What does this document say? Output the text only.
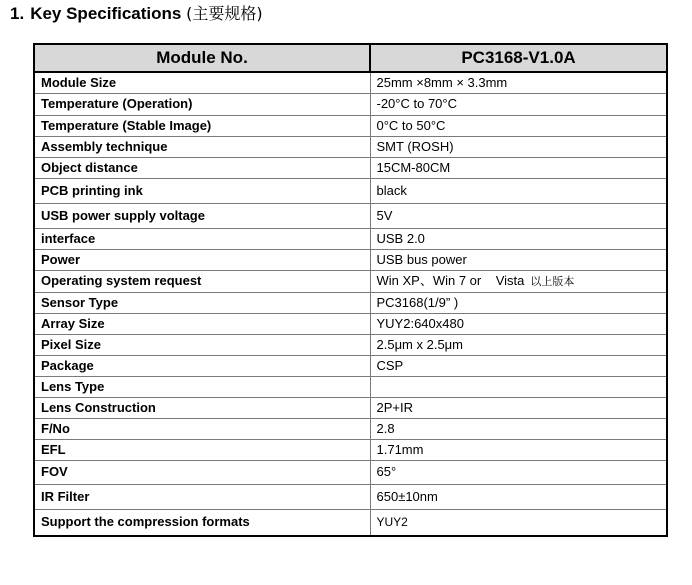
1. Key Specifications (主要规格)
Module No.	PC3168-V1.0A
Module Size	25mm ×8mm × 3.3mm
Temperature (Operation)	-20°C to 70°C
Temperature (Stable Image)	0°C to 50°C
Assembly technique	SMT (ROSH)
Object distance	15CM-80CM
PCB printing ink	black
USB power supply voltage	5V
interface	USB 2.0
Power	USB bus power
Operating system request	Win XP、Win 7 or    Vista 以上版本
Sensor Type	PC3168(1/9” )
Array Size	YUY2:640x480
Pixel Size	2.5μm x 2.5μm
Package	CSP
Lens Type	
Lens Construction	2P+IR
F/No	2.8
EFL	1.71mm
FOV	65°
IR Filter	650±10nm
Support the compression formats	YUY2
